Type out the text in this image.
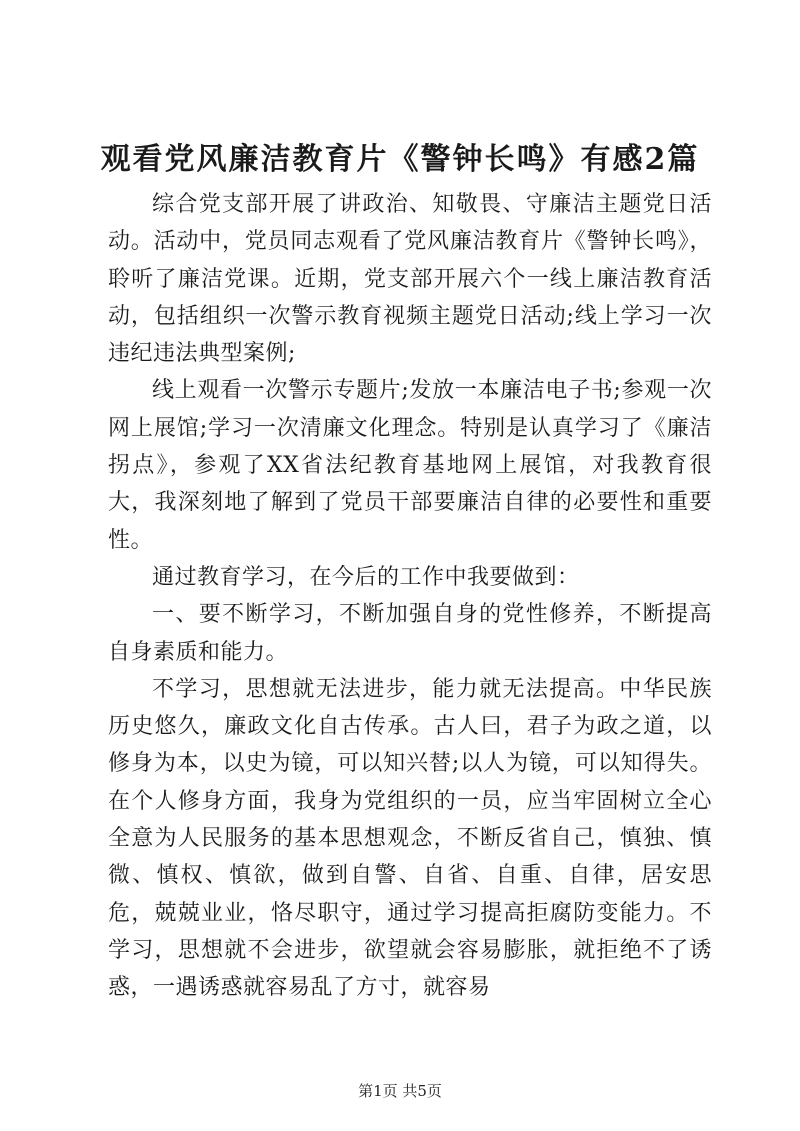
观看党风廉洁教育片《警钟长鸣》有感2篇

综合党支部开展了讲政治、知敬畏、守廉洁主题党日活动。活动中，党员同志观看了党风廉洁教育片《警钟长鸣》，聆听了廉洁党课。近期，党支部开展六个一线上廉洁教育活动，包括组织一次警示教育视频主题党日活动;线上学习一次违纪违法典型案例;

线上观看一次警示专题片;发放一本廉洁电子书;参观一次网上展馆;学习一次清廉文化理念。特别是认真学习了《廉洁拐点》，参观了XX省法纪教育基地网上展馆，对我教育很大，我深刻地了解到了党员干部要廉洁自律的必要性和重要性。

通过教育学习，在今后的工作中我要做到：

一、要不断学习，不断加强自身的党性修养，不断提高自身素质和能力。

不学习，思想就无法进步，能力就无法提高。中华民族历史悠久，廉政文化自古传承。古人曰，君子为政之道，以修身为本，以史为镜，可以知兴替;以人为镜，可以知得失。在个人修身方面，我身为党组织的一员，应当牢固树立全心全意为人民服务的基本思想观念，不断反省自己，慎独、慎微、慎权、慎欲，做到自警、自省、自重、自律，居安思危，兢兢业业，恪尽职守，通过学习提高拒腐防变能力。不学习，思想就不会进步，欲望就会容易膨胀，就拒绝不了诱惑，一遇诱惑就容易乱了方寸，就容易

第1页 共5页
